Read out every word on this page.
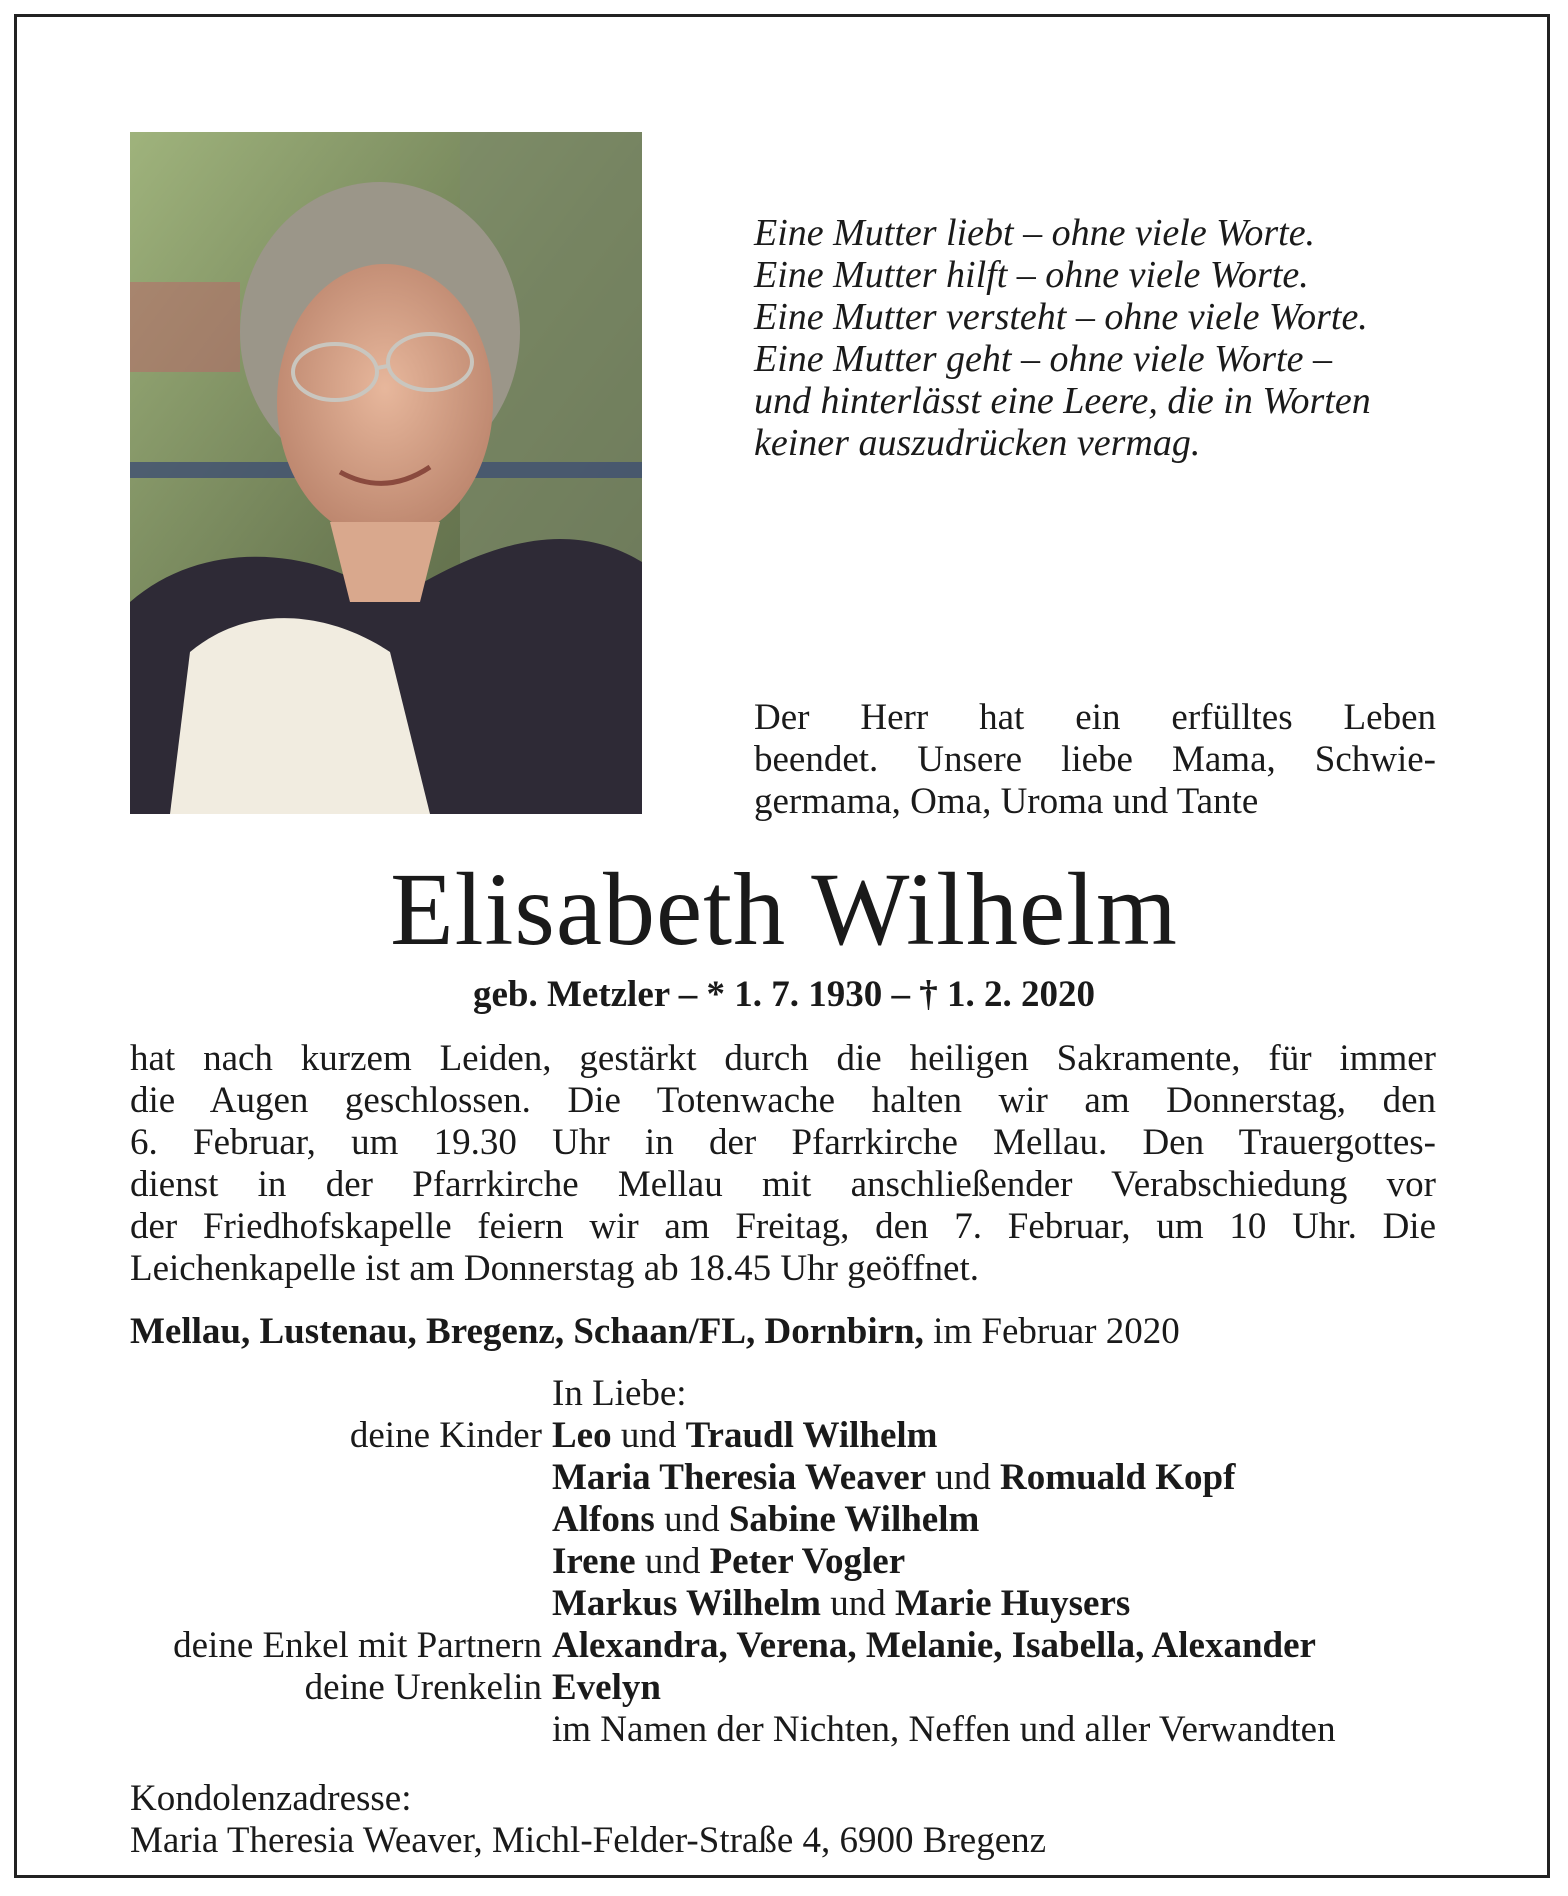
Eine Mutter liebt – ohne viele Worte.
Eine Mutter hilft – ohne viele Worte.
Eine Mutter versteht – ohne viele Worte.
Eine Mutter geht – ohne viele Worte –
und hinterlässt eine Leere, die in Worten
keiner auszudrücken vermag.
Der Herr hat ein erfülltes Leben
beendet. Unsere liebe Mama, Schwie-
germama, Oma, Uroma und Tante
Elisabeth Wilhelm
geb. Metzler – * 1. 7. 1930 – † 1. 2. 2020
hat nach kurzem Leiden, gestärkt durch die heiligen Sakramente, für immer
die Augen geschlossen. Die Totenwache halten wir am Donnerstag, den
6. Februar, um 19.30 Uhr in der Pfarrkirche Mellau. Den Trauergottes-
dienst in der Pfarrkirche Mellau mit anschließender Verabschiedung vor
der Friedhofskapelle feiern wir am Freitag, den 7. Februar, um 10 Uhr. Die
Leichenkapelle ist am Donnerstag ab 18.45 Uhr geöffnet.
Mellau, Lustenau, Bregenz, Schaan/FL, Dornbirn, im Februar 2020
In Liebe:
deine Kinder Leo und Traudl Wilhelm
Maria Theresia Weaver und Romuald Kopf
Alfons und Sabine Wilhelm
Irene und Peter Vogler
Markus Wilhelm und Marie Huysers
deine Enkel mit Partnern Alexandra, Verena, Melanie, Isabella, Alexander
deine Urenkelin Evelyn
im Namen der Nichten, Neffen und aller Verwandten
Kondolenzadresse:
Maria Theresia Weaver, Michl-Felder-Straße 4, 6900 Bregenz
